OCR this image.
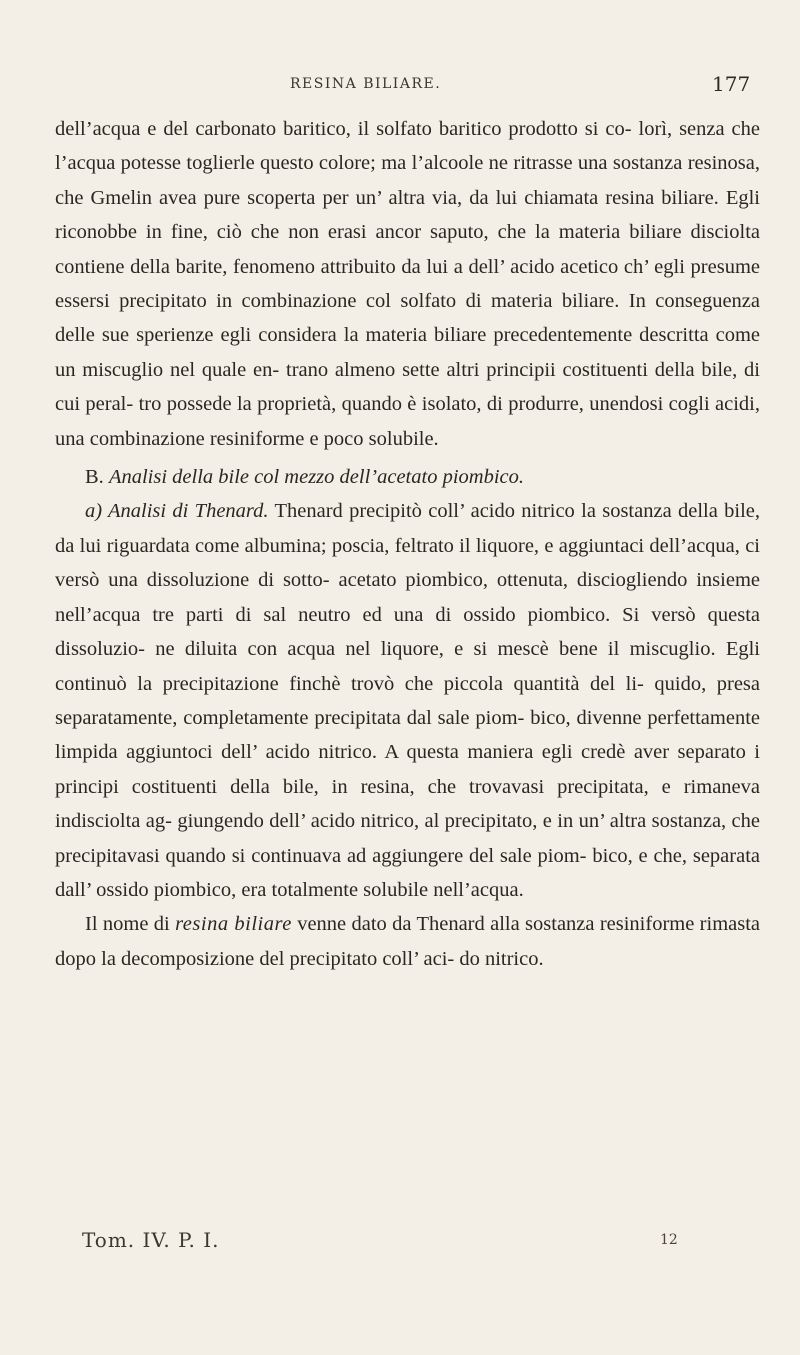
RESINA BILIARE.	177

dell’acqua e del carbonato baritico, il solfato baritico prodotto si co- lorì, senza che l’acqua potesse toglierle questo colore; ma l’alcoole ne ritrasse una sostanza resinosa, che Gmelin avea pure scoperta per un’ altra via, da lui chiamata resina biliare. Egli riconobbe in fine, ciò che non erasi ancor saputo, che la materia biliare disciolta contiene della barite, fenomeno attribuito da lui a dell’ acido acetico ch’ egli presume essersi precipitato in combinazione col solfato di materia biliare. In conseguenza delle sue sperienze egli considera la materia biliare precedentemente descritta come un miscuglio nel quale en- trano almeno sette altri principii costituenti della bile, di cui peral- tro possede la proprietà, quando è isolato, di produrre, unendosi cogli acidi, una combinazione resiniforme e poco solubile.

B. Analisi della bile col mezzo dell’acetato piombico.

a) Analisi di Thenard. Thenard precipitò coll’ acido nitrico la sostanza della bile, da lui riguardata come albumina; poscia, feltrato il liquore, e aggiuntaci dell’acqua, ci versò una dissoluzione di sotto- acetato piombico, ottenuta, disciogliendo insieme nell’acqua tre parti di sal neutro ed una di ossido piombico. Si versò questa dissoluzio- ne diluita con acqua nel liquore, e si mescè bene il miscuglio. Egli continuò la precipitazione finchè trovò che piccola quantità del li- quido, presa separatamente, completamente precipitata dal sale piom- bico, divenne perfettamente limpida aggiuntoci dell’ acido nitrico. A questa maniera egli credè aver separato i principi costituenti della bile, in resina, che trovavasi precipitata, e rimaneva indisciolta ag- giungendo dell’ acido nitrico, al precipitato, e in un’ altra sostanza, che precipitavasi quando si continuava ad aggiungere del sale piom- bico, e che, separata dall’ ossido piombico, era totalmente solubile nell’acqua.

Il nome di resina biliare venne dato da Thenard alla sostanza resiniforme rimasta dopo la decomposizione del precipitato coll’ aci- do nitrico.

Tom. IV. P. I.	12
